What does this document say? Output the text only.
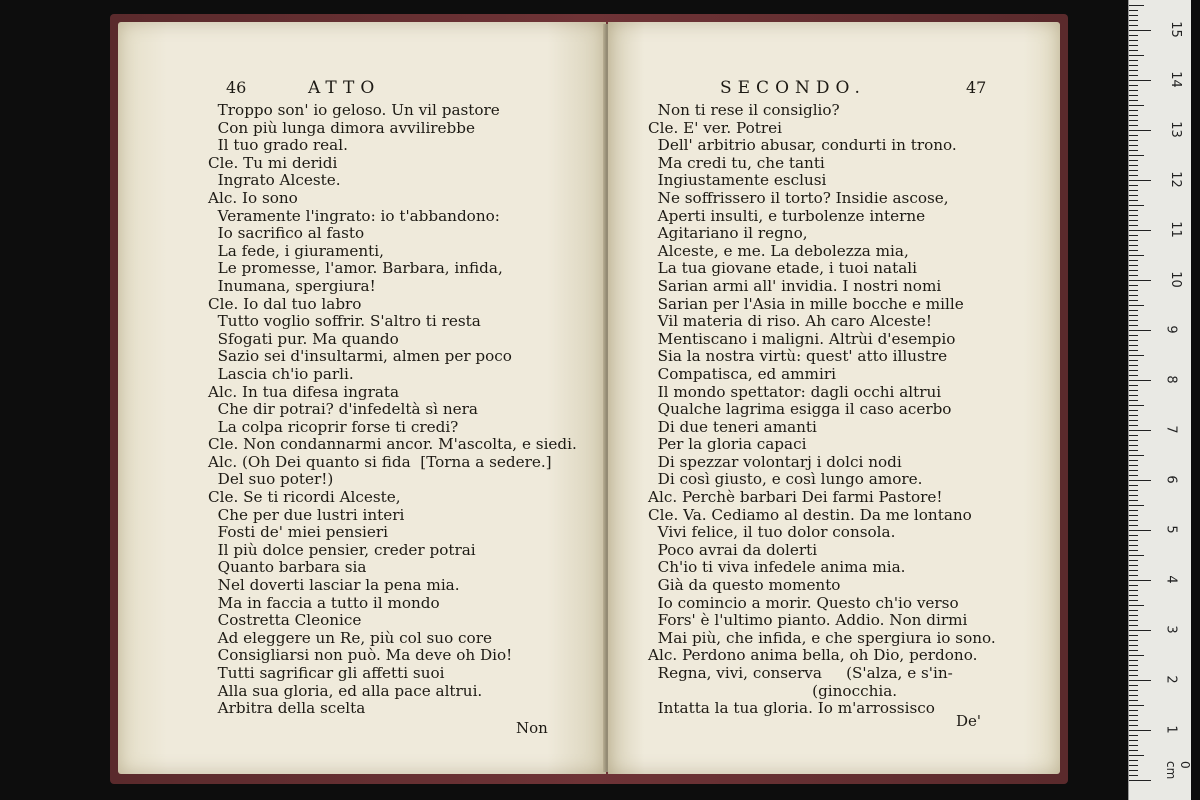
46	ATTO
Troppo son' io geloso. Un vil pastore
Con più lunga dimora avvilirebbe
Il tuo grado real.
Cle. Tu mi deridi
Ingrato Alceste.
Alc. Io sono
Veramente l'ingrato: io t'abbandono:
Io sacrifico al fasto
La fede, i giuramenti,
Le promesse, l'amor. Barbara, infida,
Inumana, spergiura!
Cle. Io dal tuo labro
Tutto voglio soffrir. S'altro ti resta
Sfogati pur. Ma quando
Sazio sei d'insultarmi, almen per poco
Lascia ch'io parli.
Alc. In tua difesa ingrata
Che dir potrai? d'infedeltà sì nera
La colpa ricoprir forse ti credi?
Cle. Non condannarmi ancor. M'ascolta, e siedi.
Alc. (Oh Dei quanto si fida  [Torna a sedere.]
Del suo poter!)
Cle. Se ti ricordi Alceste,
Che per due lustri interi
Fosti de' miei pensieri
Il più dolce pensier, creder potrai
Quanto barbara sia
Nel doverti lasciar la pena mia.
Ma in faccia a tutto il mondo
Costretta Cleonice
Ad eleggere un Re, più col suo core
Consigliarsi non può. Ma deve oh Dio!
Tutti sagrificar gli affetti suoi
Alla sua gloria, ed alla pace altrui.
Arbitra della scelta
Non
SECONDO.	47
Non ti rese il consiglio?
Cle. E' ver. Potrei
Dell' arbitrio abusar, condurti in trono.
Ma credi tu, che tanti
Ingiustamente esclusi
Ne soffrissero il torto? Insidie ascose,
Aperti insulti, e turbolenze interne
Agitariano il regno,
Alceste, e me. La debolezza mia,
La tua giovane etade, i tuoi natali
Sarian armi all' invidia. I nostri nomi
Sarian per l'Asia in mille bocche e mille
Vil materia di riso. Ah caro Alceste!
Mentiscano i maligni. Altrùi d'esempio
Sia la nostra virtù: quest' atto illustre
Compatisca, ed ammiri
Il mondo spettator: dagli occhi altrui
Qualche lagrima esigga il caso acerbo
Di due teneri amanti
Per la gloria capaci
Di spezzar volontarj i dolci nodi
Di così giusto, e così lungo amore.
Alc. Perchè barbari Dei farmi Pastore!
Cle. Va. Cediamo al destin. Da me lontano
Vivi felice, il tuo dolor consola.
Poco avrai da dolerti
Ch'io ti viva infedele anima mia.
Già da questo momento
Io comincio a morir. Questo ch'io verso
Fors' è l'ultimo pianto. Addio. Non dirmi
Mai più, che infida, e che spergiura io sono.
Alc. Perdono anima bella, oh Dio, perdono.
Regna, vivi, conserva     (S'alza, e s'in-
(ginocchia.
Intatta la tua gloria. Io m'arrossisco
De'
0 cm
1
2
3
4
5
6
7
8
9
10
11
12
13
14
15
